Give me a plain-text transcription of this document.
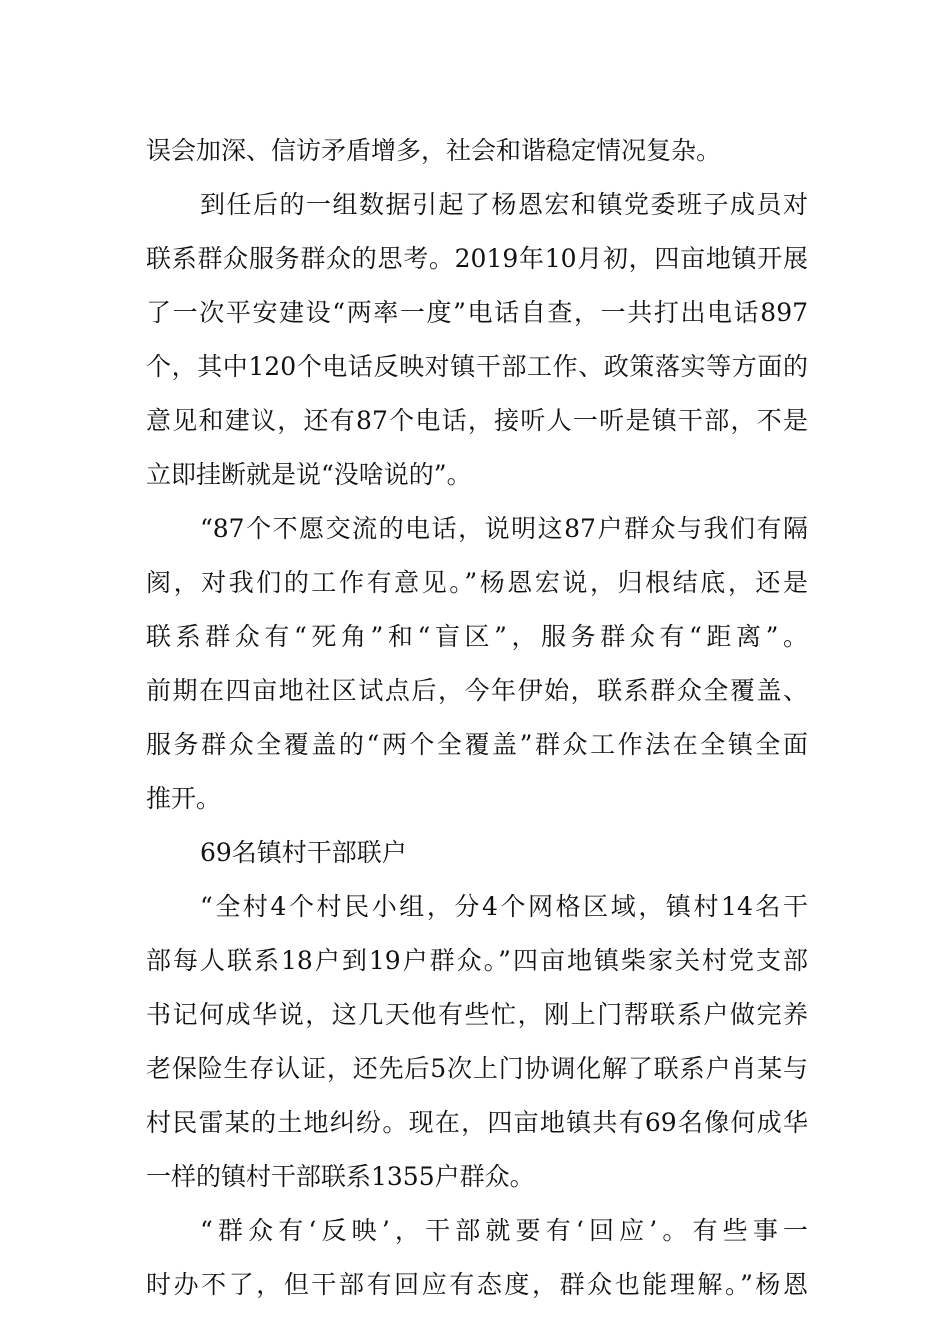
误会加深、信访矛盾增多，社会和谐稳定情况复杂。
到任后的一组数据引起了杨恩宏和镇党委班子成员对
联系群众服务群众的思考。2019年10月初，四亩地镇开展
了一次平安建设“两率一度”电话自查，一共打出电话897
个，其中120个电话反映对镇干部工作、政策落实等方面的
意见和建议，还有87个电话，接听人一听是镇干部，不是
立即挂断就是说“没啥说的”。
“87个不愿交流的电话，说明这87户群众与我们有隔
阂，对我们的工作有意见。”杨恩宏说，归根结底，还是
联系群众有“死角”和“盲区”，服务群众有“距离”。
前期在四亩地社区试点后，今年伊始，联系群众全覆盖、
服务群众全覆盖的“两个全覆盖”群众工作法在全镇全面
推开。
69名镇村干部联户
“全村4个村民小组，分4个网格区域，镇村14名干
部每人联系18户到19户群众。”四亩地镇柴家关村党支部
书记何成华说，这几天他有些忙，刚上门帮联系户做完养
老保险生存认证，还先后5次上门协调化解了联系户肖某与
村民雷某的土地纠纷。现在，四亩地镇共有69名像何成华
一样的镇村干部联系1355户群众。
“群众有‘反映’，干部就要有‘回应’。有些事一
时办不了，但干部有回应有态度，群众也能理解。”杨恩
